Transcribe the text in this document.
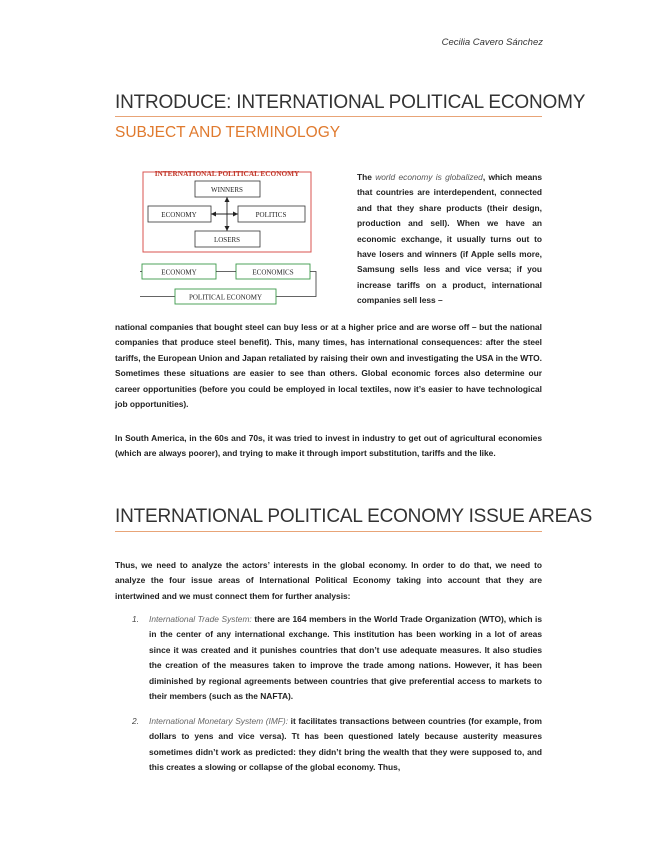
Cecilia Cavero Sánchez
INTRODUCE: INTERNATIONAL POLITICAL ECONOMY
SUBJECT AND TERMINOLOGY
INTERNATIONAL POLITICAL ECONOMY
WINNERS
ECONOMY	POLITICS
LOSERS
ECONOMY	ECONOMICS
POLITICAL ECONOMY
The world economy is globalized, which means that countries are interdependent, connected and that they share products (their design, production and sell). When we have an economic exchange, it usually turns out to have losers and winners (if Apple sells more, Samsung sells less and vice versa; if you increase tariffs on a product, international companies sell less –
national companies that bought steel can buy less or at a higher price and are worse off – but the national companies that produce steel benefit). This, many times, has international consequences: after the steel tariffs, the European Union and Japan retaliated by raising their own and investigating the USA in the WTO. Sometimes these situations are easier to see than others. Global economic forces also determine our career opportunities (before you could be employed in local textiles, now it’s easier to have technological job opportunities).
In South America, in the 60s and 70s, it was tried to invest in industry to get out of agricultural economies (which are always poorer), and trying to make it through import substitution, tariffs and the like.
INTERNATIONAL POLITICAL ECONOMY ISSUE AREAS
Thus, we need to analyze the actors’ interests in the global economy. In order to do that, we need to analyze the four issue areas of International Political Economy taking into account that they are intertwined and we must connect them for further analysis:
1. International Trade System: there are 164 members in the World Trade Organization (WTO), which is in the center of any international exchange. This institution has been working in a lot of areas since it was created and it punishes countries that don’t use adequate measures. It also studies the creation of the measures taken to improve the trade among nations. However, it has been diminished by regional agreements between countries that give preferential access to markets to their members (such as the NAFTA).
2. International Monetary System (IMF): it facilitates transactions between countries (for example, from dollars to yens and vice versa). Tt has been questioned lately because austerity measures sometimes didn’t work as predicted: they didn’t bring the wealth that they were supposed to, and this creates a slowing or collapse of the global economy. Thus,
